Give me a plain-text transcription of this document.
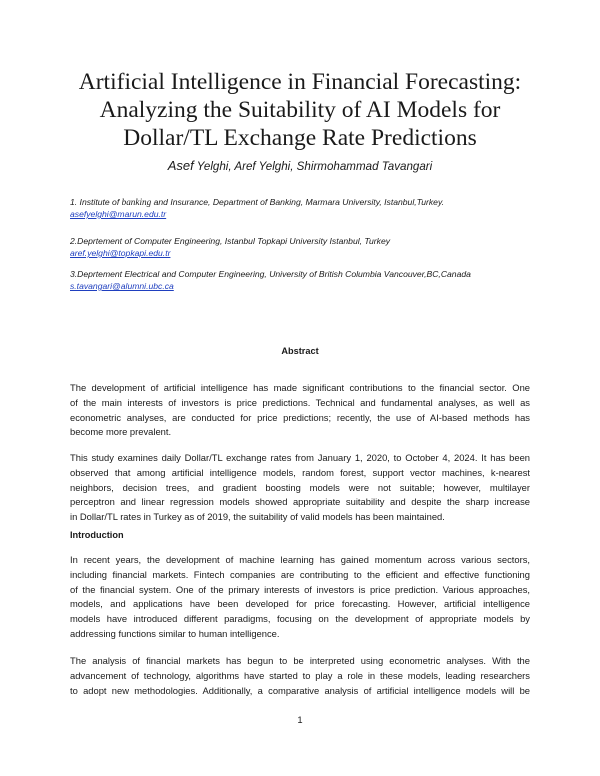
Artificial Intelligence in Financial Forecasting:
Analyzing the Suitability of AI Models for
Dollar/TL Exchange Rate Predictions
Asef Yelghi, Aref Yelghi, Shirmohammad Tavangari
1. Institute of banking and Insurance, Department of Banking, Marmara University, Istanbul,Turkey.
asefyelghi@marun.edu.tr
2.Deprtement of Computer Engineering, Istanbul Topkapi University Istanbul, Turkey
aref.yelghi@topkapi.edu.tr
3.Deprtement Electrical and Computer Engineering, University of British Columbia Vancouver,BC,Canada
s.tavangari@alumni.ubc.ca
Abstract
The development of artificial intelligence has made significant contributions to the financial sector. One
of the main interests of investors is price predictions. Technical and fundamental analyses, as well as
econometric analyses, are conducted for price predictions; recently, the use of AI-based methods has
become more prevalent.
This study examines daily Dollar/TL exchange rates from January 1, 2020, to October 4, 2024. It has been
observed that among artificial intelligence models, random forest, support vector machines, k-nearest
neighbors, decision trees, and gradient boosting models were not suitable; however, multilayer
perceptron and linear regression models showed appropriate suitability and despite the sharp increase
in Dollar/TL rates in Turkey as of 2019, the suitability of valid models has been maintained.
Introduction
In recent years, the development of machine learning has gained momentum across various sectors,
including financial markets. Fintech companies are contributing to the efficient and effective functioning
of the financial system. One of the primary interests of investors is price prediction. Various approaches,
models, and applications have been developed for price forecasting. However, artificial intelligence
models have introduced different paradigms, focusing on the development of appropriate models by
addressing functions similar to human intelligence.
The analysis of financial markets has begun to be interpreted using econometric analyses. With the
advancement of technology, algorithms have started to play a role in these models, leading researchers
to adopt new methodologies. Additionally, a comparative analysis of artificial intelligence models will be
1
